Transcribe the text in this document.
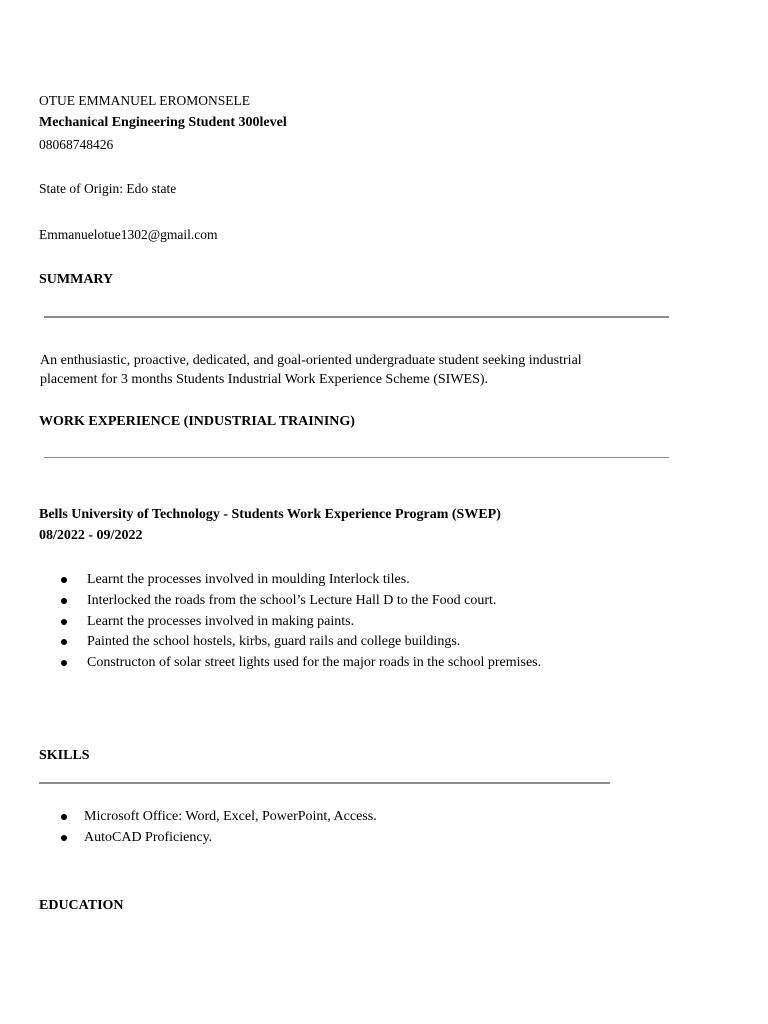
OTUE EMMANUEL EROMONSELE
Mechanical Engineering Student 300level
08068748426
State of Origin: Edo state
Emmanuelotue1302@gmail.com
SUMMARY
An enthusiastic, proactive, dedicated, and goal-oriented undergraduate student seeking industrial
placement for 3 months Students Industrial Work Experience Scheme (SIWES).
WORK EXPERIENCE (INDUSTRIAL TRAINING)
Bells University of Technology - Students Work Experience Program (SWEP)
08/2022 - 09/2022
Learnt the processes involved in moulding Interlock tiles.
Interlocked the roads from the school’s Lecture Hall D to the Food court.
Learnt the processes involved in making paints.
Painted the school hostels, kirbs, guard rails and college buildings.
Constructon of solar street lights used for the major roads in the school premises.
SKILLS
Microsoft Office: Word, Excel, PowerPoint, Access.
AutoCAD Proficiency.
EDUCATION
